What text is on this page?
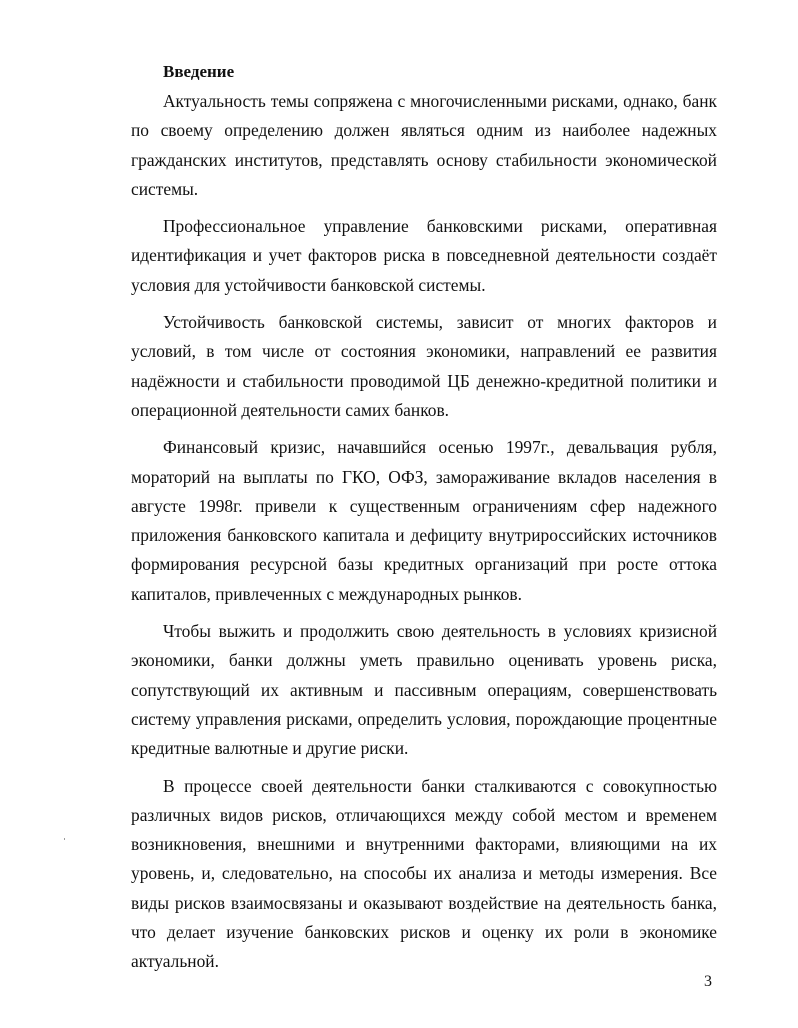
Введение

Актуальность темы сопряжена с многочисленными рисками, однако, банк по своему определению должен являться одним из наиболее надежных гражданских институтов, представлять основу стабильности экономической системы.

Профессиональное управление банковскими рисками, оперативная идентификация и учет факторов риска в повседневной деятельности создаёт условия для устойчивости банковской системы.

Устойчивость банковской системы, зависит от многих факторов и условий, в том числе от состояния экономики, направлений ее развития надёжности и стабильности проводимой ЦБ денежно-кредитной политики и операционной деятельности самих банков.

Финансовый кризис, начавшийся осенью 1997г., девальвация рубля, мораторий на выплаты по ГКО, ОФЗ, замораживание вкладов населения в августе 1998г. привели к существенным ограничениям сфер надежного приложения банковского капитала и дефициту внутрироссийских источников формирования ресурсной базы кредитных организаций при росте оттока капиталов, привлеченных с международных рынков.

Чтобы выжить и продолжить свою деятельность в условиях кризисной экономики, банки должны уметь правильно оценивать уровень риска, сопутствующий их активным и пассивным операциям, совершенствовать систему управления рисками, определить условия, порождающие процентные кредитные валютные и другие риски.

В процессе своей деятельности банки сталкиваются с совокупностью различных видов рисков, отличающихся между собой местом и временем возникновения, внешними и внутренними факторами, влияющими на их уровень, и, следовательно, на способы их анализа и методы измерения. Все виды рисков взаимосвязаны и оказывают воздействие на деятельность банка, что делает изучение банковских рисков и оценку их роли в экономике актуальной.

3
